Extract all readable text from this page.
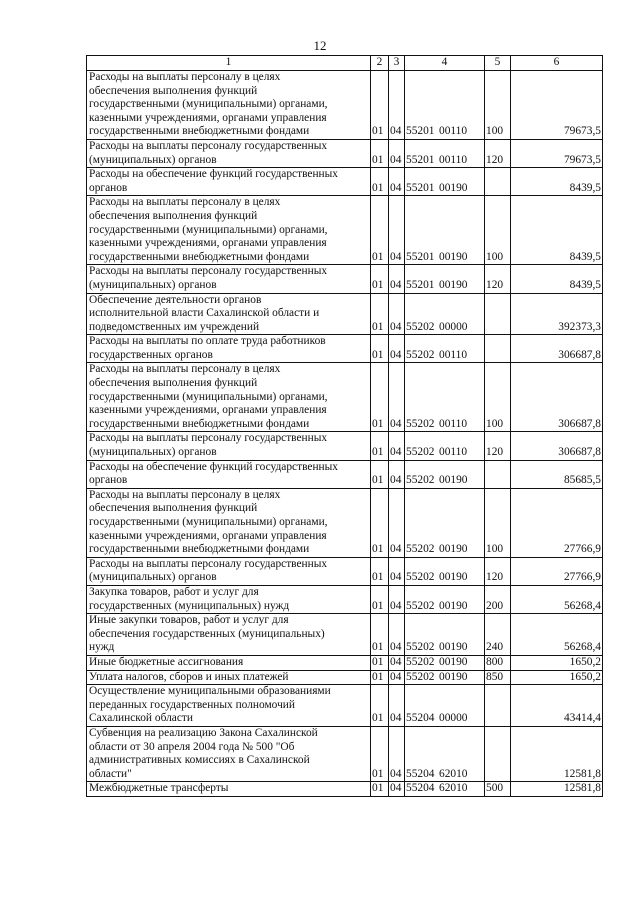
12
1	2	3	4	5	6

Расходы на выплаты персоналу в целях
обеспечения выполнения функций
государственными (муниципальными) органами,
казенными учреждениями, органами управления
государственными внебюджетными фондами	01	04	55201 00110	100	79673,5

Расходы на выплаты персоналу государственных
(муниципальных) органов	01	04	55201 00110	120	79673,5

Расходы на обеспечение функций государственных
органов	01	04	55201 00190		8439,5

Расходы на выплаты персоналу в целях
обеспечения выполнения функций
государственными (муниципальными) органами,
казенными учреждениями, органами управления
государственными внебюджетными фондами	01	04	55201 00190	100	8439,5

Расходы на выплаты персоналу государственных
(муниципальных) органов	01	04	55201 00190	120	8439,5

Обеспечение деятельности органов
исполнительной власти Сахалинской области и
подведомственных им учреждений	01	04	55202 00000		392373,3

Расходы на выплаты по оплате труда работников
государственных органов	01	04	55202 00110		306687,8

Расходы на выплаты персоналу в целях
обеспечения выполнения функций
государственными (муниципальными) органами,
казенными учреждениями, органами управления
государственными внебюджетными фондами	01	04	55202 00110	100	306687,8

Расходы на выплаты персоналу государственных
(муниципальных) органов	01	04	55202 00110	120	306687,8

Расходы на обеспечение функций государственных
органов	01	04	55202 00190		85685,5

Расходы на выплаты персоналу в целях
обеспечения выполнения функций
государственными (муниципальными) органами,
казенными учреждениями, органами управления
государственными внебюджетными фондами	01	04	55202 00190	100	27766,9

Расходы на выплаты персоналу государственных
(муниципальных) органов	01	04	55202 00190	120	27766,9

Закупка товаров, работ и услуг для
государственных (муниципальных) нужд	01	04	55202 00190	200	56268,4

Иные закупки товаров, работ и услуг для
обеспечения государственных (муниципальных)
нужд	01	04	55202 00190	240	56268,4

Иные бюджетные ассигнования	01	04	55202 00190	800	1650,2

Уплата налогов, сборов и иных платежей	01	04	55202 00190	850	1650,2

Осуществление муниципальными образованиями
переданных государственных полномочий
Сахалинской области	01	04	55204 00000		43414,4

Субвенция на реализацию Закона Сахалинской
области от 30 апреля 2004 года № 500 "Об
административных комиссиях в Сахалинской
области"	01	04	55204 62010		12581,8

Межбюджетные трансферты	01	04	55204 62010	500	12581,8
